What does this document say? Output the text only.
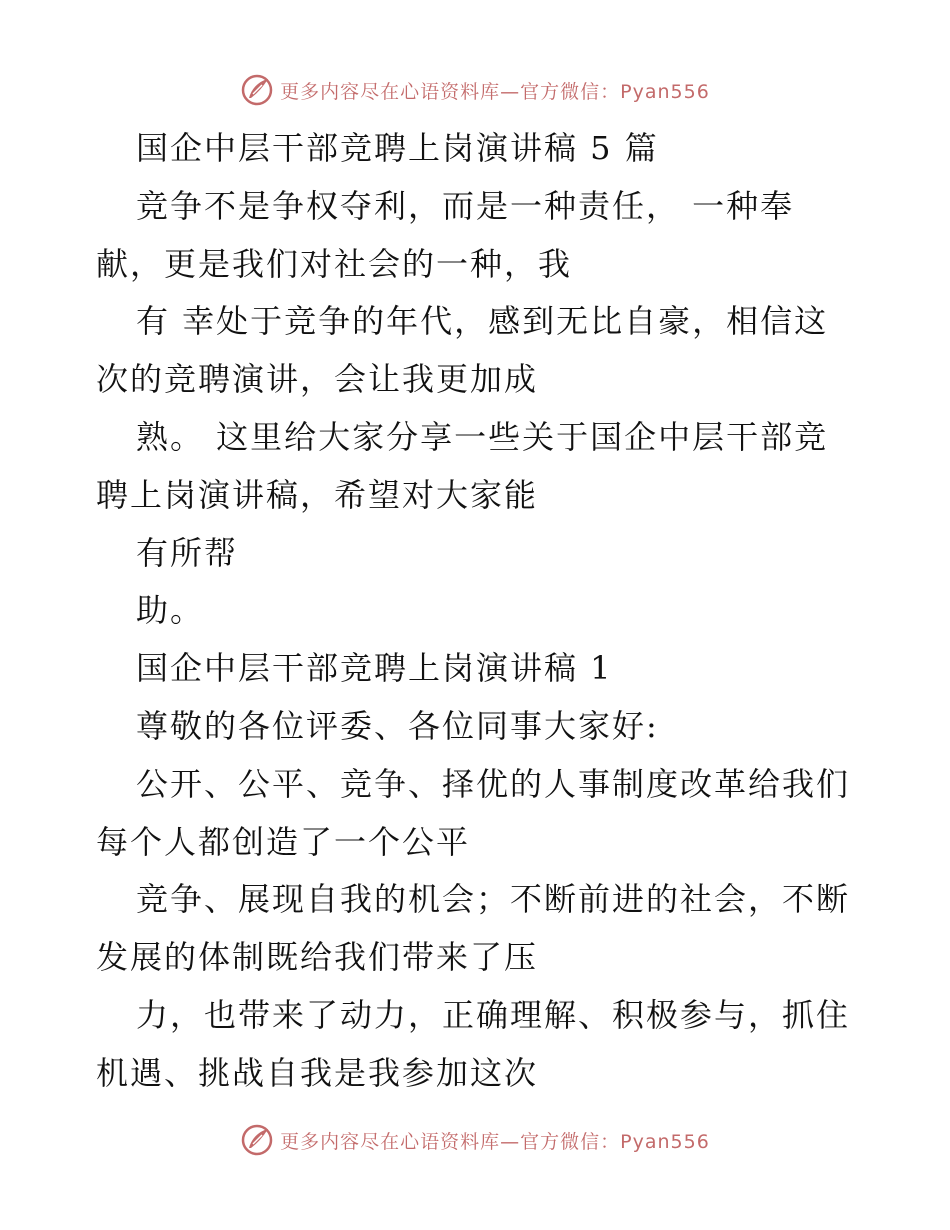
更多内容尽在心语资料库—官方微信：Pyan556
国企中层干部竞聘上岗演讲稿 5 篇
竞争不是争权夺利，而是一种责任， 一种奉
献，更是我们对社会的一种，我
有 幸处于竞争的年代，感到无比自豪，相信这
次的竞聘演讲，会让我更加成
熟。 这里给大家分享一些关于国企中层干部竞
聘上岗演讲稿，希望对大家能
有所帮
助。
国企中层干部竞聘上岗演讲稿 1
尊敬的各位评委、各位同事大家好:
公开、公平、竞争、择优的人事制度改革给我们
每个人都创造了一个公平
竞争、展现自我的机会；不断前进的社会，不断
发展的体制既给我们带来了压
力，也带来了动力，正确理解、积极参与，抓住
机遇、挑战自我是我参加这次
更多内容尽在心语资料库—官方微信：Pyan556
